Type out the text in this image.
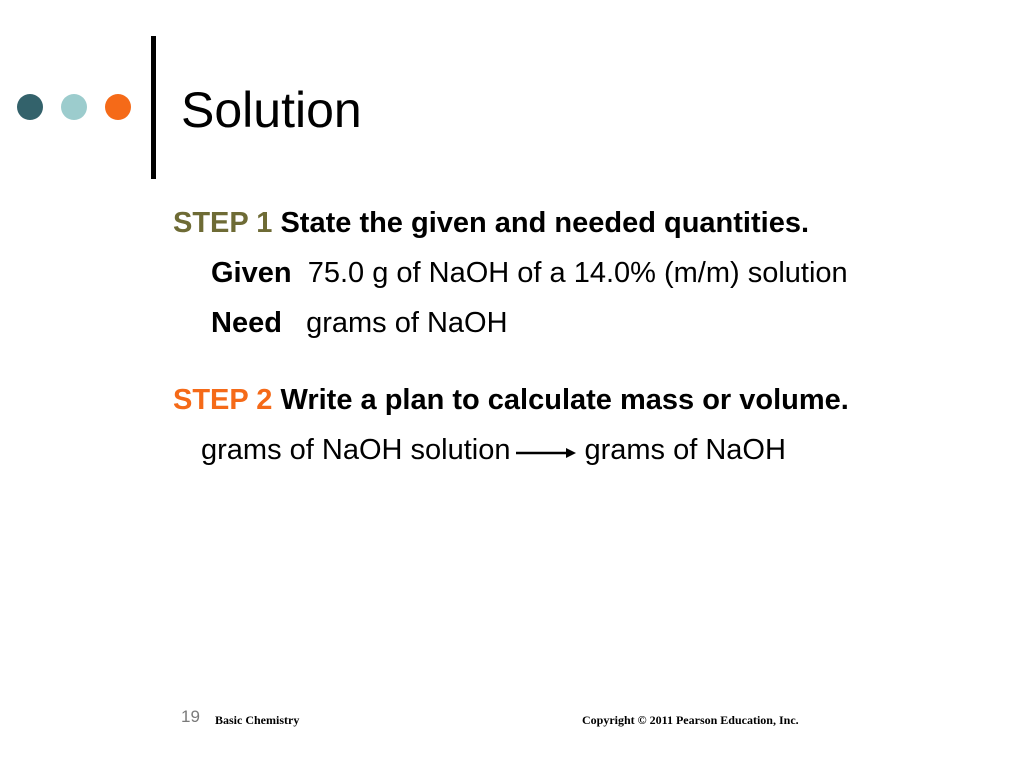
Solution
STEP 1 State the given and needed quantities.
Given 75.0 g of NaOH of a 14.0% (m/m) solution
Need grams of NaOH
STEP 2 Write a plan to calculate mass or volume.
grams of NaOH solution	grams of NaOH
19 Basic Chemistry	Copyright © 2011 Pearson Education, Inc.
